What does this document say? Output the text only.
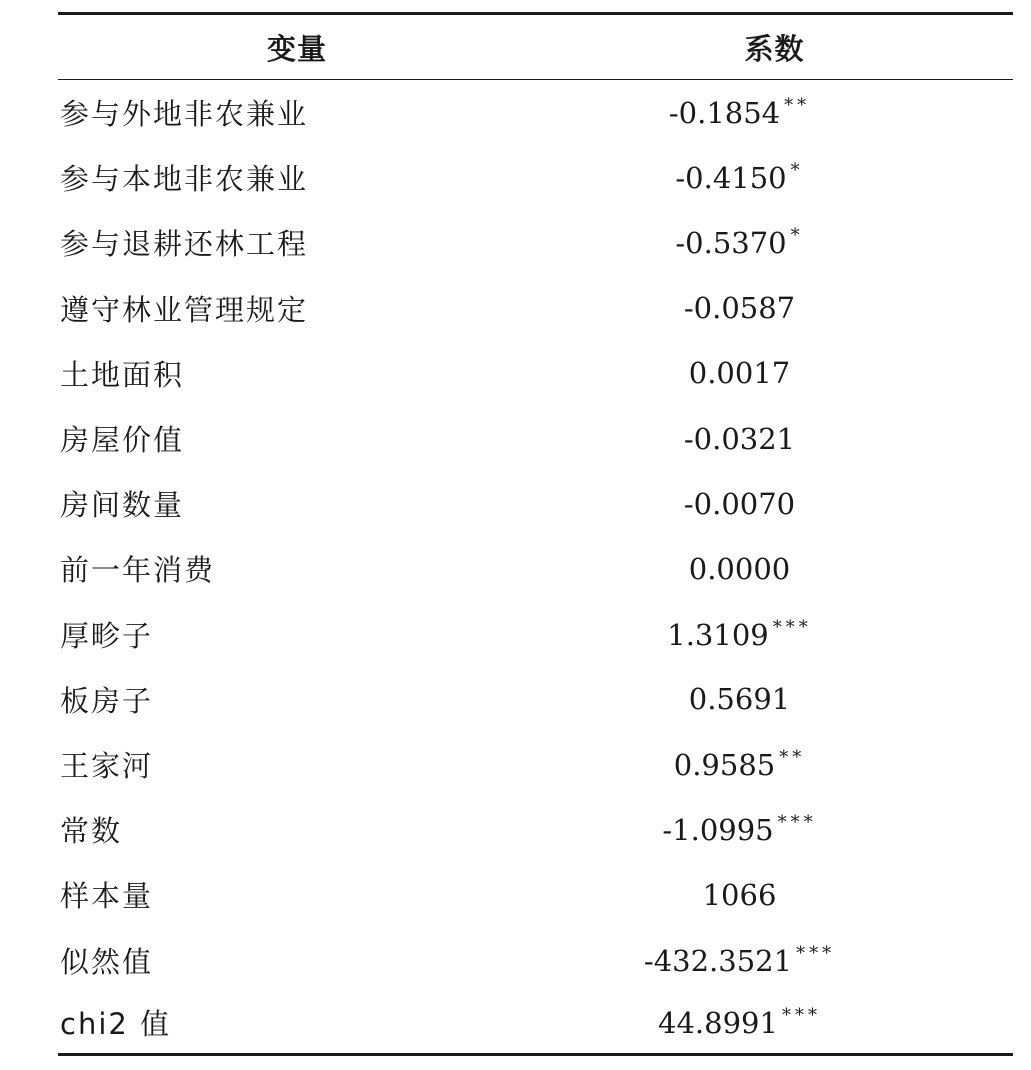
变量	系数
参与外地非农兼业	-0.1854 **
参与本地非农兼业	-0.4150 *
参与退耕还林工程	-0.5370 *
遵守林业管理规定	-0.0587
土地面积	0.0017
房屋价值	-0.0321
房间数量	-0.0070
前一年消费	0.0000
厚畛子	1.3109 ***
板房子	0.5691
王家河	0.9585 **
常数	-1.0995 ***
样本量	1066
似然值	-432.3521 ***
chi2 值	44.8991 ***
